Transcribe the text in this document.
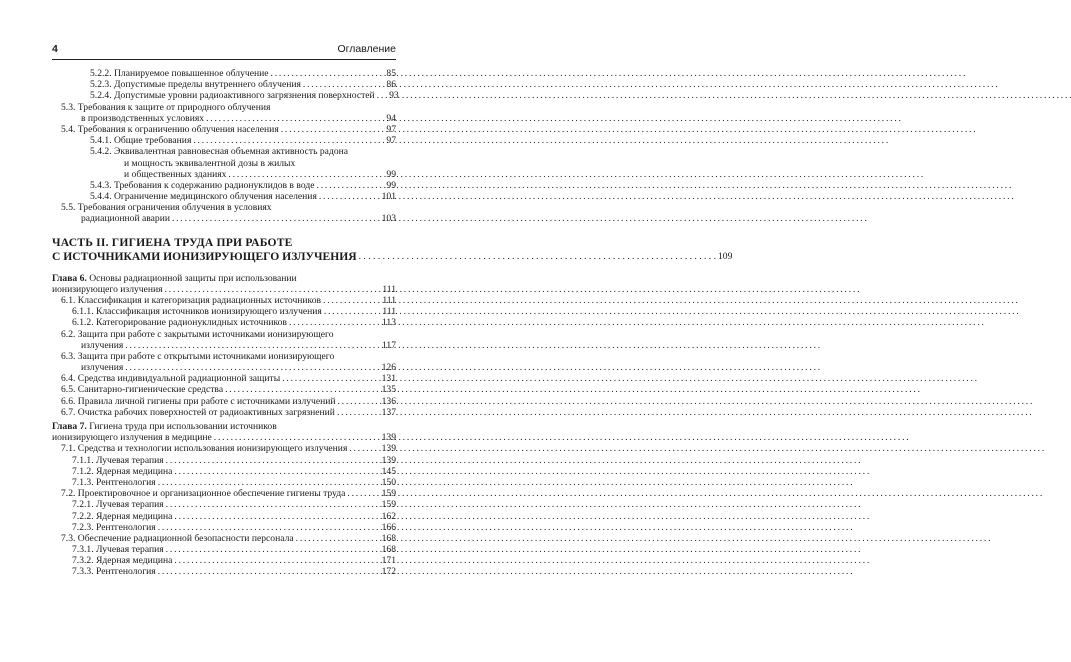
4	Оглавление
5.2.2. Планируемое повышенное облучение . . .	85
5.2.3. Допустимые пределы внутреннего облучения . . .	86
5.2.4. Допустимые уровни радиоактивного загрязнения поверхностей . . .	93
5.3. Требования к защите от природного облучения
в производственных условиях . . .	94
5.4. Требования к ограничению облучения населения . . .	97
5.4.1. Общие требования . . .	97
5.4.2. Эквивалентная равновесная объемная активность радона
и мощность эквивалентной дозы в жилых
и общественных зданиях . . .	99
5.4.3. Требования к содержанию радионуклидов в воде . . .	99
5.4.4. Ограничение медицинского облучения населения . . .	101
5.5. Требования ограничения облучения в условиях
радиационной аварии . . .	103
ЧАСТЬ II. ГИГИЕНА ТРУДА ПРИ РАБОТЕ
С ИСТОЧНИКАМИ ИОНИЗИРУЮЩЕГО ИЗЛУЧЕНИЯ . . .	109
Глава 6. Основы радиационной защиты при использовании
ионизирующего излучения . . .	111
6.1. Классификация и категоризация радиационных источников . . .	111
6.1.1. Классификация источников ионизирующего излучения . . .	111
6.1.2. Категорирование радионуклидных источников . . .	113
6.2. Защита при работе с закрытыми источниками ионизирующего
излучения . . .	117
6.3. Защита при работе с открытыми источниками ионизирующего
излучения . . .	126
6.4. Средства индивидуальной радиационной защиты . . .	131
6.5. Санитарно-гигиенические средства . . .	135
6.6. Правила личной гигиены при работе с источниками излучений . . .	136
6.7. Очистка рабочих поверхностей от радиоактивных загрязнений . . .	137
Глава 7. Гигиена труда при использовании источников
ионизирующего излучения в медицине . . .	139
7.1. Средства и технологии использования ионизирующего излучения . . .	139
7.1.1. Лучевая терапия . . .	139
7.1.2. Ядерная медицина . . .	145
7.1.3. Рентгенология . . .	150
7.2. Проектировочное и организационное обеспечение гигиены труда . . .	159
7.2.1. Лучевая терапия . . .	159
7.2.2. Ядерная медицина . . .	162
7.2.3. Рентгенология . . .	166
7.3. Обеспечение радиационной безопасности персонала . . .	168
7.3.1. Лучевая терапия . . .	168
7.3.2. Ядерная медицина . . .	171
7.3.3. Рентгенология . . .	172
